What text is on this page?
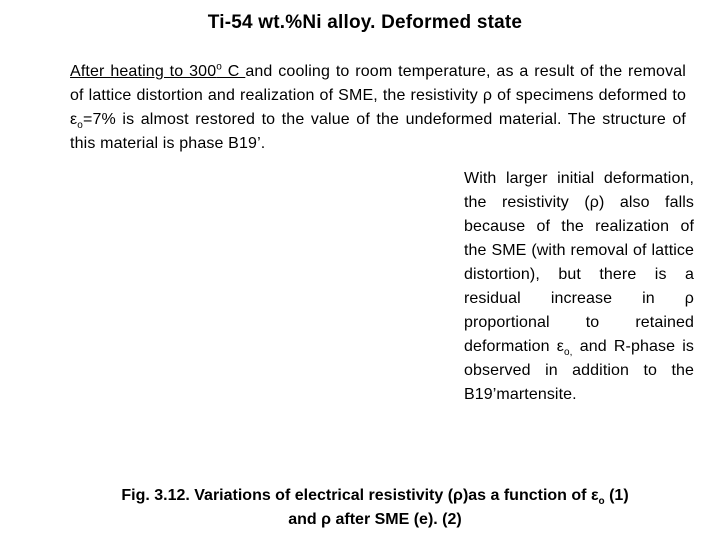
Ti-54 wt.%Ni alloy. Deformed state
After heating to 300$^o$ C and cooling to room temperature, as a result of the removal of lattice distortion and realization of SME, the resistivity ρ of specimens deformed to $\varepsilon_o=7\%$ is almost restored to the value of the undeformed material. The structure of this material is phase B19’.
With larger initial deformation, the resistivity (ρ) also falls because of the realization of the SME (with removal of lattice distortion), but there is a residual increase in ρ proportional to retained deformation $\varepsilon_{o,}$ and R-phase is observed in addition to the B19’martensite.
Fig. 3.12. Variations of electrical resistivity (ρ)as a function of $\varepsilon_o$ (1)
and ρ after SME (e). (2)
